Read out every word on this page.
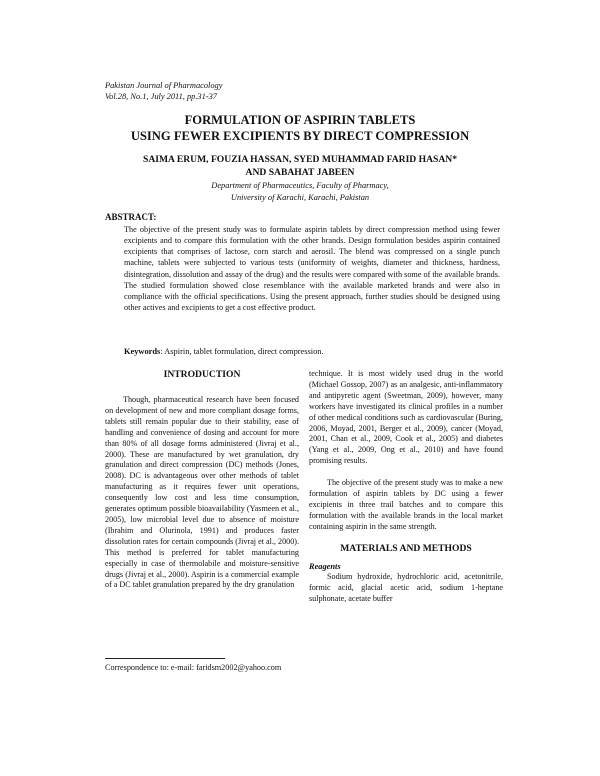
Pakistan Journal of Pharmacology
Vol.28, No.1, July 2011, pp.31-37
FORMULATION OF ASPIRIN TABLETS
USING FEWER EXCIPIENTS BY DIRECT COMPRESSION
SAIMA ERUM, FOUZIA HASSAN, SYED MUHAMMAD FARID HASAN*
AND SABAHAT JABEEN
Department of Pharmaceutics, Faculty of Pharmacy,
University of Karachi, Karachi, Pakistan
ABSTRACT:
The objective of the present study was to formulate aspirin tablets by direct compression method using fewer excipients and to compare this formulation with the other brands. Design formulation besides aspirin contained excipients that comprises of lactose, corn starch and aerosil. The blend was compressed on a single punch machine, tablets were subjected to various tests (uniformity of weights, diameter and thickness, hardness, disintegration, dissolution and assay of the drug) and the results were compared with some of the available brands. The studied formulation showed close resemblance with the available marketed brands and were also in compliance with the official specifications. Using the present approach, further studies should be designed using other actives and excipients to get a cost effective product.
Keywords: Aspirin, tablet formulation, direct compression.
INTRODUCTION

Though, pharmaceutical research have been focused on development of new and more compliant dosage forms, tablets still remain popular due to their stability, ease of handling and convenience of dosing and account for more than 80% of all dosage forms administered (Jivraj et al., 2000). These are manufactured by wet granulation, dry granulation and direct compression (DC) methods (Jones, 2008). DC is advantageous over other methods of tablet manufacturing as it requires fewer unit operations, consequently low cost and less time consumption, generates optimum possible bioavailability (Yasmeen et al., 2005), low microbial level due to absence of moisture (Ibrahim and Olurinola, 1991) and produces faster dissolution rates for certain compounds (Jivraj et al., 2000). This method is preferred for tablet manufacturing especially in case of thermolabile and moisture-sensitive drugs (Jivraj et al., 2000). Aspirin is a commercial example of a DC tablet granulation prepared by the dry granulation

technique. It is most widely used drug in the world (Michael Gossop, 2007) as an analgesic, anti-inflammatory and antipyretic agent (Sweetman, 2009), however, many workers have investigated its clinical profiles in a number of other medical conditions such as cardiovascular (Buring, 2006, Moyad, 2001, Berger et al., 2009), cancer (Moyad, 2001, Chan et al., 2009, Cook et al., 2005) and diabetes (Yang et al., 2009, Ong et al., 2010) and have found promising results.

The objective of the present study was to make a new formulation of aspirin tablets by DC using a fewer excipients in three trail batches and to compare this formulation with the available brands in the local market containing aspirin in the same strength.

MATERIALS AND METHODS

Reagents

Sodium hydroxide, hydrochloric acid, acetonitrile, formic acid, glacial acetic acid, sodium 1-heptane sulphonate, acetate buffer

Correspondence to: e-mail: faridsm2002@yahoo.com
